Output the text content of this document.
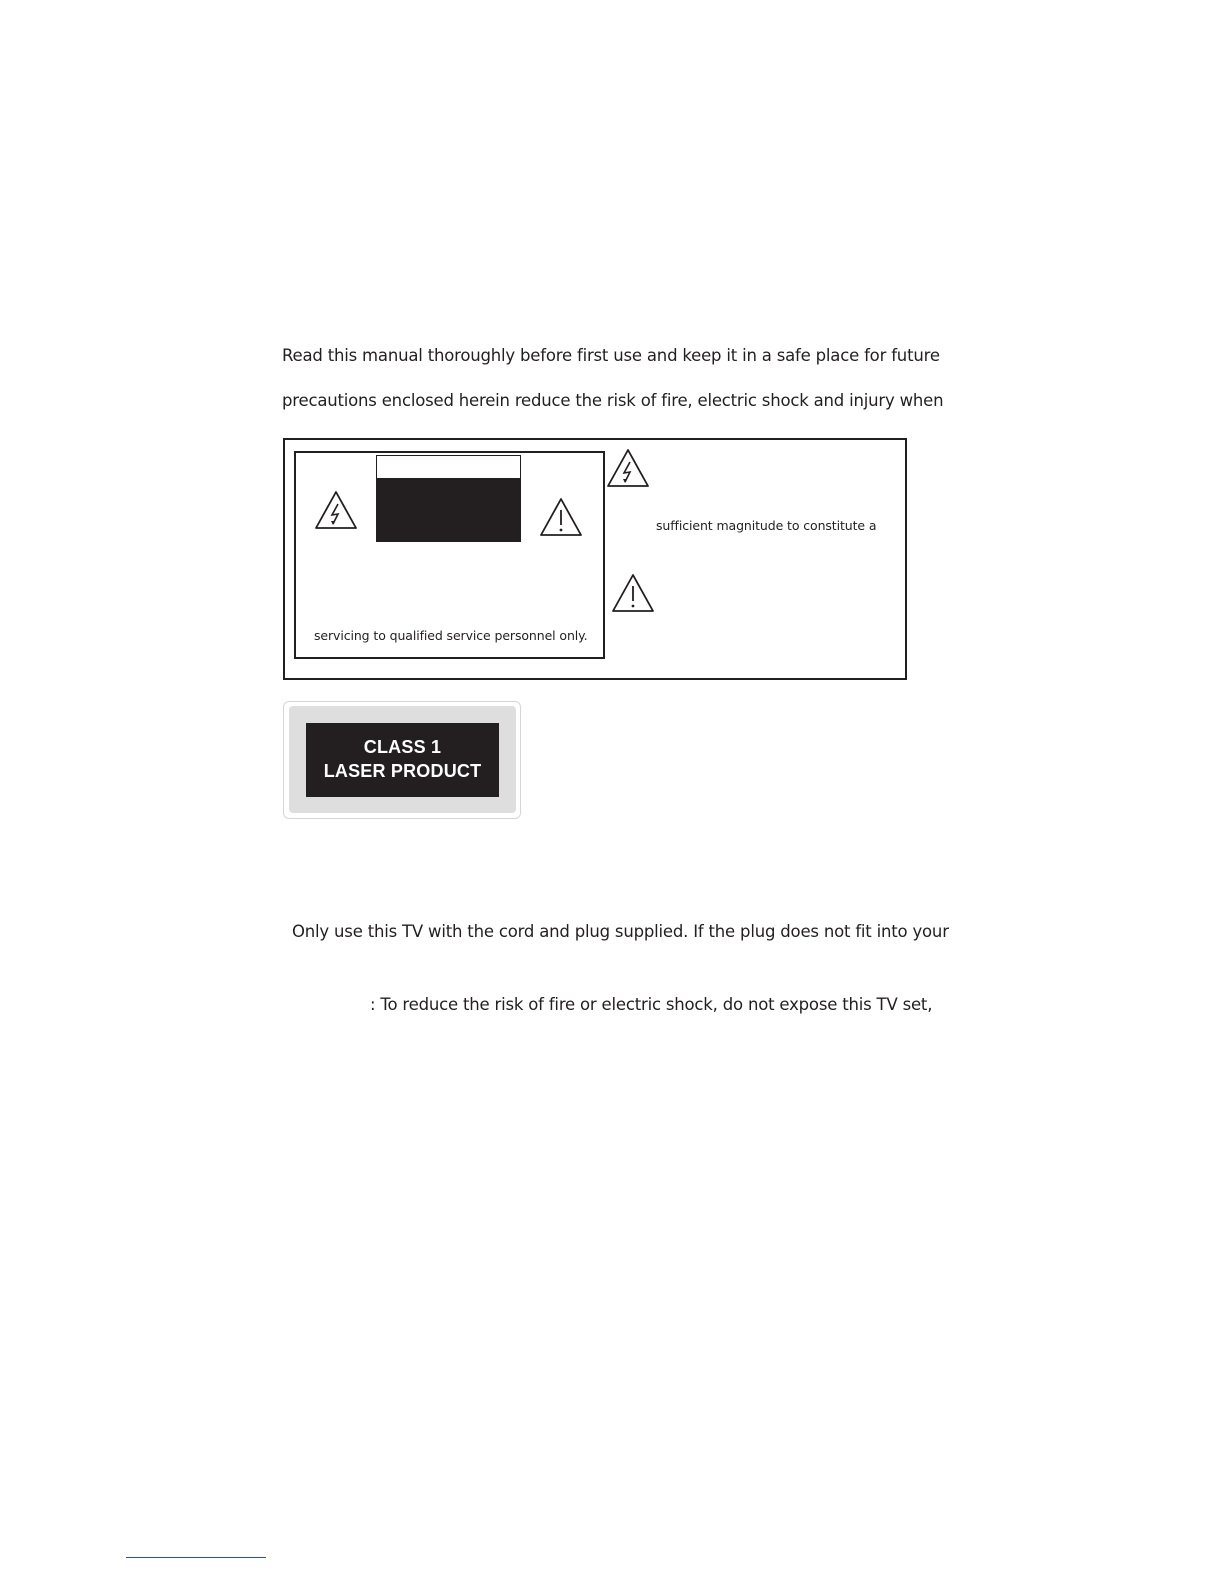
Read this manual thoroughly before first use and keep it in a safe place for future
precautions enclosed herein reduce the risk of fire, electric shock and injury when
servicing to qualified service personnel only.
sufficient magnitude to constitute a
CLASS 1
LASER PRODUCT
Only use this TV with the cord and plug supplied. If the plug does not fit into your
: To reduce the risk of fire or electric shock, do not expose this TV set,
